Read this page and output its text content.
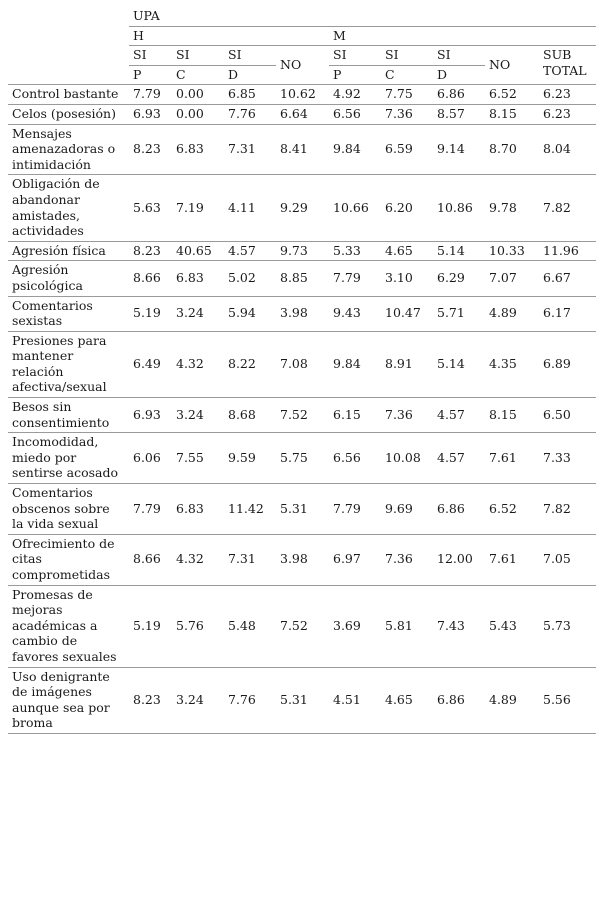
	UPA								
	H				M				
	SI	SI	SI	NO	SI	SI	SI	NO	SUB TOTAL
	P	C	D		P	C	D		
Control bastante	7.79	0.00	6.85	10.62	4.92	7.75	6.86	6.52	6.23
Celos (posesión)	6.93	0.00	7.76	6.64	6.56	7.36	8.57	8.15	6.23
Mensajes amenazadoras o intimidación	8.23	6.83	7.31	8.41	9.84	6.59	9.14	8.70	8.04
Obligación de abandonar amistades, actividades	5.63	7.19	4.11	9.29	10.66	6.20	10.86	9.78	7.82
Agresión física	8.23	40.65	4.57	9.73	5.33	4.65	5.14	10.33	11.96
Agresión psicológica	8.66	6.83	5.02	8.85	7.79	3.10	6.29	7.07	6.67
Comentarios sexistas	5.19	3.24	5.94	3.98	9.43	10.47	5.71	4.89	6.17
Presiones para mantener relación afectiva/sexual	6.49	4.32	8.22	7.08	9.84	8.91	5.14	4.35	6.89
Besos sin consentimiento	6.93	3.24	8.68	7.52	6.15	7.36	4.57	8.15	6.50
Incomodidad, miedo por sentirse acosado	6.06	7.55	9.59	5.75	6.56	10.08	4.57	7.61	7.33
Comentarios obscenos sobre la vida sexual	7.79	6.83	11.42	5.31	7.79	9.69	6.86	6.52	7.82
Ofrecimiento de citas comprometidas	8.66	4.32	7.31	3.98	6.97	7.36	12.00	7.61	7.05
Promesas de mejoras académicas a cambio de favores sexuales	5.19	5.76	5.48	7.52	3.69	5.81	7.43	5.43	5.73
Uso denigrante de imágenes aunque sea por broma	8.23	3.24	7.76	5.31	4.51	4.65	6.86	4.89	5.56
